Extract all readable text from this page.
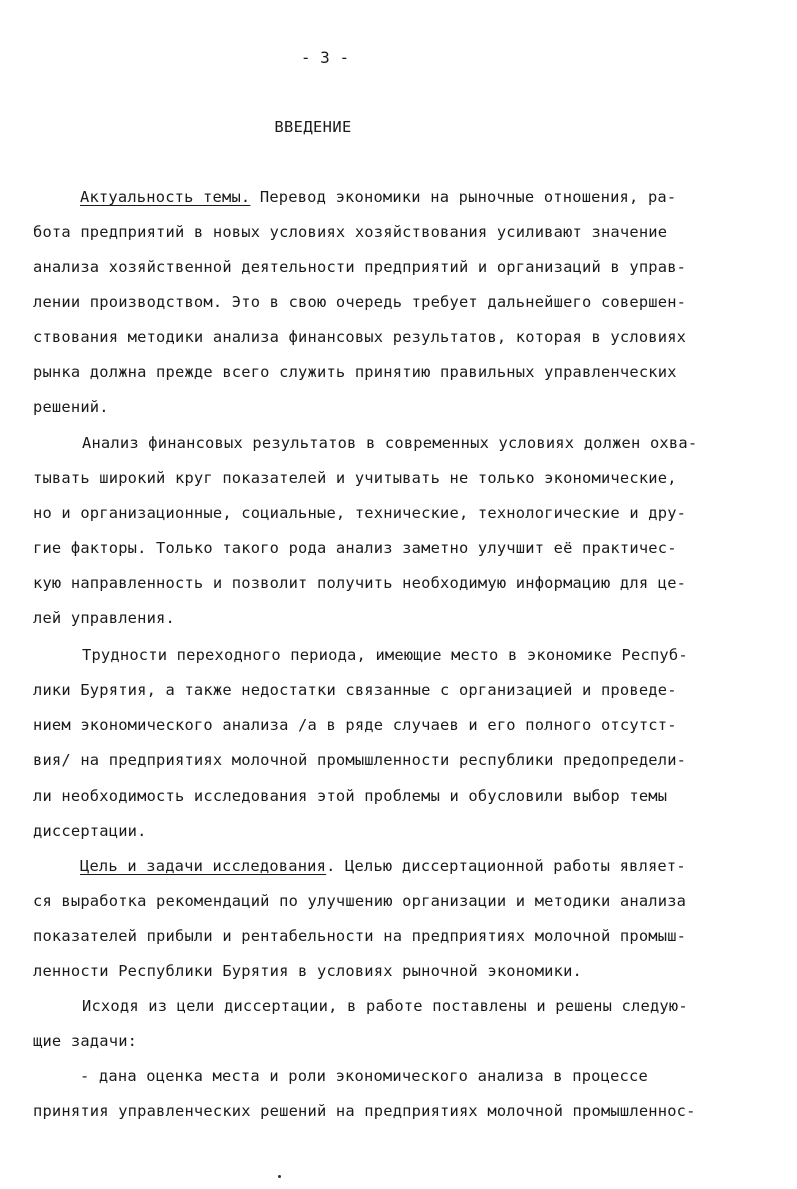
- 3 -
ВВЕДЕНИЕ
Актуальность темы. Перевод экономики на рыночные отношения, ра-
бота предприятий в новых условиях хозяйствования усиливают значение
анализа хозяйственной деятельности предприятий и организаций в управ-
лении производством. Это в свою очередь требует дальнейшего совершен-
ствования методики анализа финансовых результатов, которая в условиях
рынка должна прежде всего служить принятию правильных управленческих
решений.
Анализ финансовых результатов в современных условиях должен охва-
тывать широкий круг показателей и учитывать не только экономические,
но и организационные, социальные, технические, технологические и дру-
гие факторы. Только такого рода анализ заметно улучшит её практичес-
кую направленность и позволит получить необходимую информацию для це-
лей управления.
Трудности переходного периода, имеющие место в экономике Респуб-
лики Бурятия, а также недостатки связанные с организацией и проведе-
нием экономического анализа /а в ряде случаев и его полного отсутст-
вия/ на предприятиях молочной промышленности республики предопредели-
ли необходимость исследования этой проблемы и обусловили выбор темы
диссертации.
Цель и задачи исследования. Целью диссертационной работы являет-
ся выработка рекомендаций по улучшению организации и методики анализа
показателей прибыли и рентабельности на предприятиях молочной промыш-
ленности Республики Бурятия в условиях рыночной экономики.
Исходя из цели диссертации, в работе поставлены и решены следую-
щие задачи:
- дана оценка места и роли экономического анализа в процессе
принятия управленческих решений на предприятиях молочной промышленнос-
